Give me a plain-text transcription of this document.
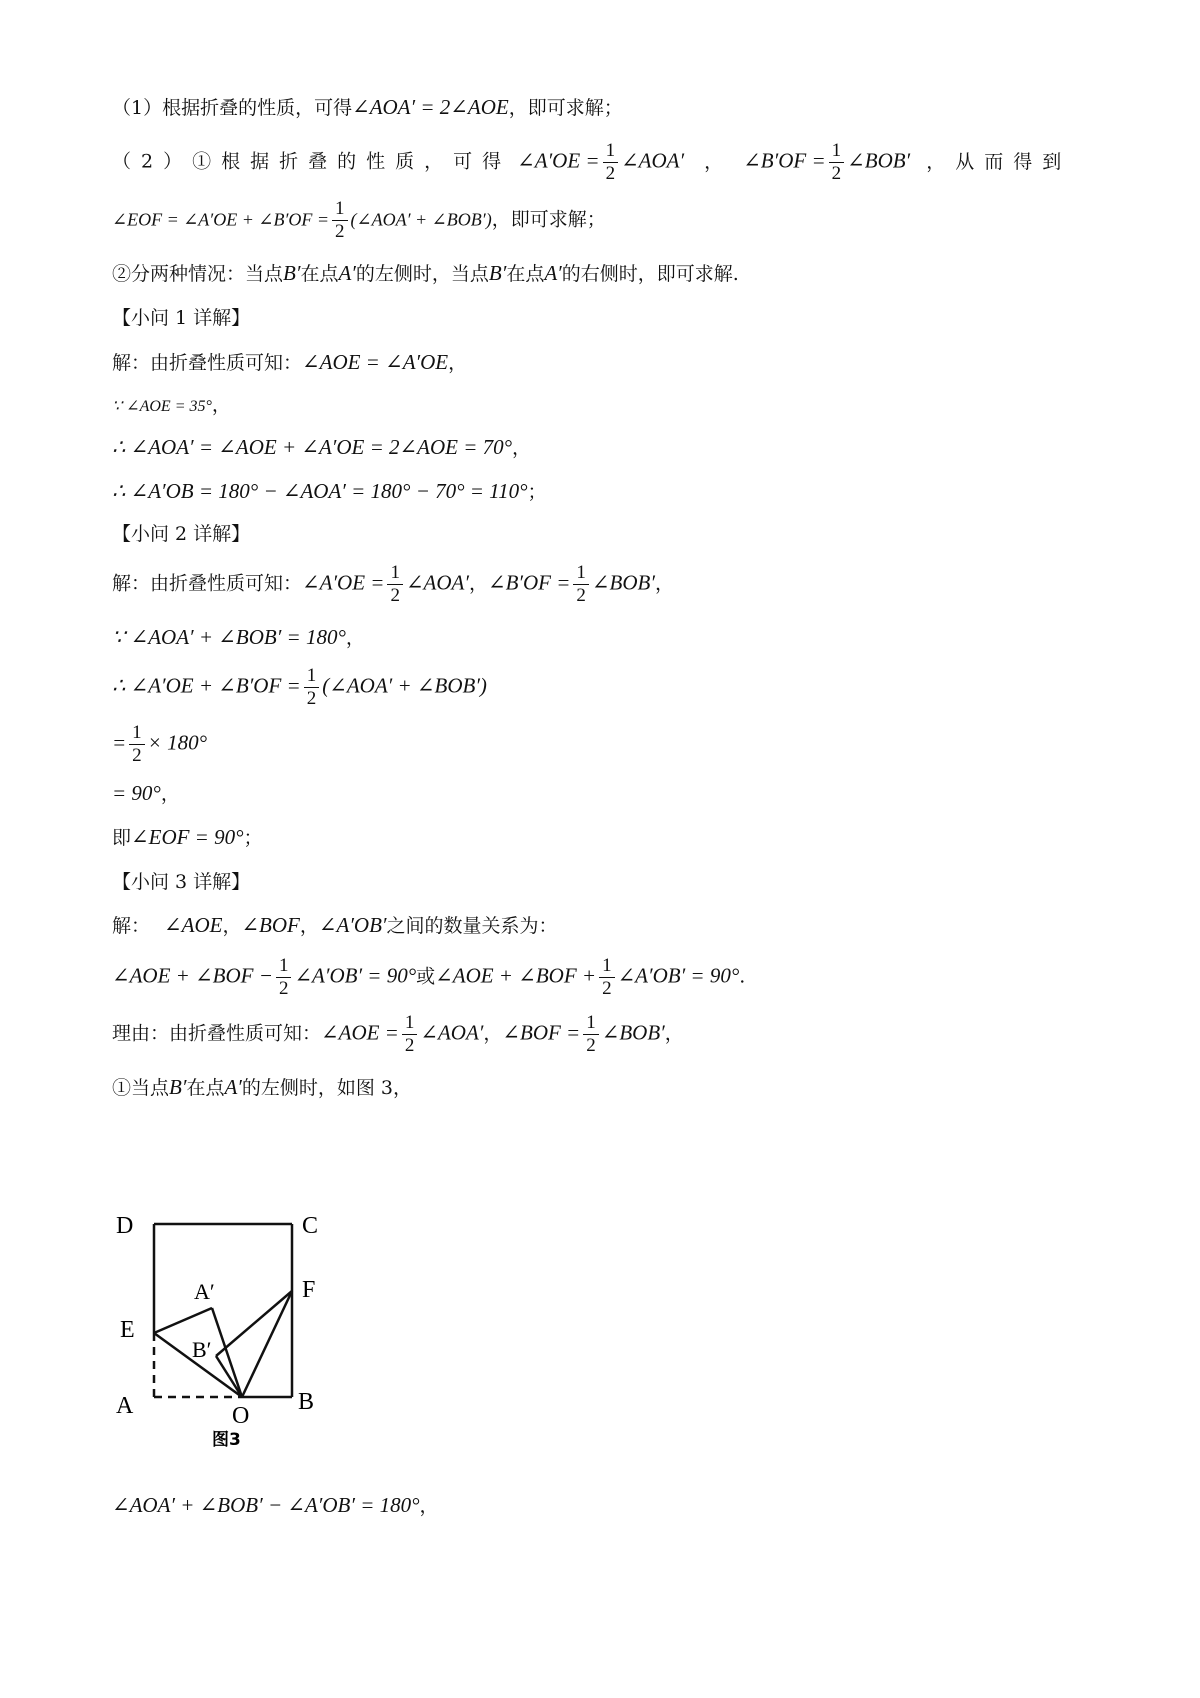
（1）根据折叠的性质，可得∠AOA′ = 2∠AOE，即可求解；
（2）①根据折叠的性质，可得 ∠A′OE = $\frac{1}{2}$ ∠AOA′ ， ∠B′OF = $\frac{1}{2}$ ∠BOB′ ，从而得到
∠EOF = ∠A′OE + ∠B′OF = $\frac{1}{2}$ (∠AOA′ + ∠BOB′)，即可求解；
②分两种情况：当点B′在点A′的左侧时，当点B′在点A′的右侧时，即可求解.
【小问 1 详解】
解：由折叠性质可知：∠AOE = ∠A′OE，
∵ ∠AOE = 35°，
∴ ∠AOA′ = ∠AOE + ∠A′OE = 2∠AOE = 70°，
∴ ∠A′OB = 180° − ∠AOA′ = 180° − 70° = 110°；
【小问 2 详解】
解：由折叠性质可知：∠A′OE = $\frac{1}{2}$ ∠AOA′，∠B′OF = $\frac{1}{2}$ ∠BOB′，
∵ ∠AOA′ + ∠BOB′ = 180°，
∴ ∠A′OE + ∠B′OF = $\frac{1}{2}$ (∠AOA′ + ∠BOB′)
= $\frac{1}{2} \times 180^\circ$
= 90°，
即∠EOF = 90°；
【小问 3 详解】
解： ∠AOE，∠BOF，∠A′OB′之间的数量关系为：
∠AOE + ∠BOF − $\frac{1}{2}$ ∠A′OB′ = 90°或∠AOE + ∠BOF + $\frac{1}{2}$ ∠A′OB′ = 90°.
理由：由折叠性质可知：∠AOE = $\frac{1}{2}$ ∠AOA′，∠BOF = $\frac{1}{2}$ ∠BOB′，
①当点B′在点A′的左侧时，如图 3，
D	C
F
A′
E
B′
A	O
B
图3
∠AOA′ + ∠BOB′ − ∠A′OB′ = 180°，
